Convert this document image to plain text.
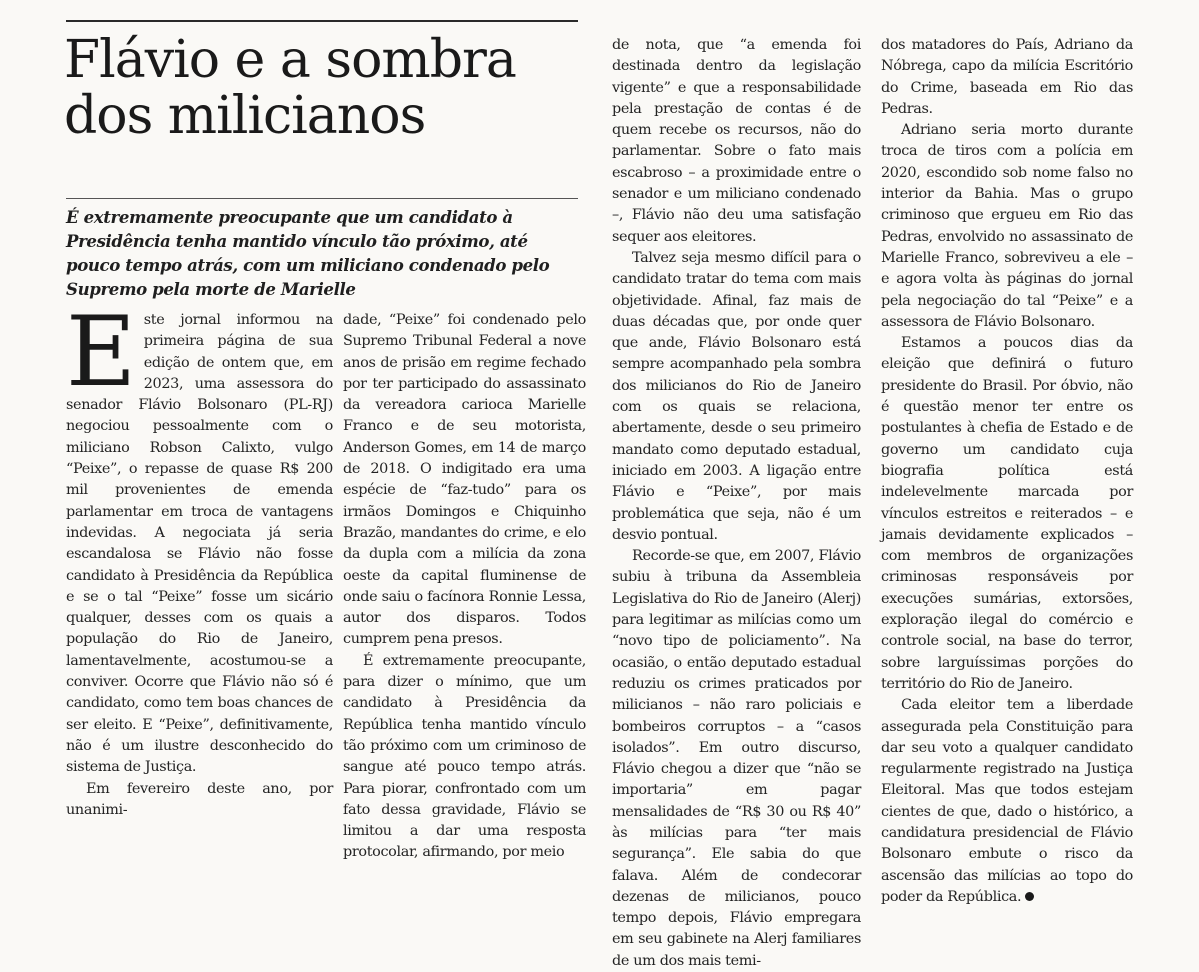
Flávio e a sombra
dos milicianos

É extremamente preocupante que um candidato à Presidência tenha mantido vínculo tão próximo, até pouco tempo atrás, com um miliciano condenado pelo Supremo pela morte de Marielle

Este jornal informou na primeira página de sua edição de ontem que, em 2023, uma assessora do senador Flávio Bolsonaro (PL-RJ) negociou pessoalmente com o miliciano Robson Calixto, vulgo “Peixe”, o repasse de quase R$ 200 mil provenientes de emenda parlamentar em troca de vantagens indevidas. A negociata já seria escandalosa se Flávio não fosse candidato à Presidência da República e se o tal “Peixe” fosse um sicário qualquer, desses com os quais a população do Rio de Janeiro, lamentavelmente, acostumou-se a conviver. Ocorre que Flávio não só é candidato, como tem boas chances de ser eleito. E “Peixe”, definitivamente, não é um ilustre desconhecido do sistema de Justiça.

Em fevereiro deste ano, por unanimi-

dade, “Peixe” foi condenado pelo Supremo Tribunal Federal a nove anos de prisão em regime fechado por ter participado do assassinato da vereadora carioca Marielle Franco e de seu motorista, Anderson Gomes, em 14 de março de 2018. O indigitado era uma espécie de “faz-tudo” para os irmãos Domingos e Chiquinho Brazão, mandantes do crime, e elo da dupla com a milícia da zona oeste da capital fluminense de onde saiu o facínora Ronnie Lessa, autor dos disparos. Todos cumprem pena presos.

É extremamente preocupante, para dizer o mínimo, que um candidato à Presidência da República tenha mantido vínculo tão próximo com um criminoso de sangue até pouco tempo atrás. Para piorar, confrontado com um fato dessa gravidade, Flávio se limitou a dar uma resposta protocolar, afirmando, por meio

de nota, que “a emenda foi destinada dentro da legislação vigente” e que a responsabilidade pela prestação de contas é de quem recebe os recursos, não do parlamentar. Sobre o fato mais escabroso – a proximidade entre o senador e um miliciano condenado –, Flávio não deu uma satisfação sequer aos eleitores.

Talvez seja mesmo difícil para o candidato tratar do tema com mais objetividade. Afinal, faz mais de duas décadas que, por onde quer que ande, Flávio Bolsonaro está sempre acompanhado pela sombra dos milicianos do Rio de Janeiro com os quais se relaciona, abertamente, desde o seu primeiro mandato como deputado estadual, iniciado em 2003. A ligação entre Flávio e “Peixe”, por mais problemática que seja, não é um desvio pontual.

Recorde-se que, em 2007, Flávio subiu à tribuna da Assembleia Legislativa do Rio de Janeiro (Alerj) para legitimar as milícias como um “novo tipo de policiamento”. Na ocasião, o então deputado estadual reduziu os crimes praticados por milicianos – não raro policiais e bombeiros corruptos – a “casos isolados”. Em outro discurso, Flávio chegou a dizer que “não se importaria” em pagar mensalidades de “R$ 30 ou R$ 40” às milícias para “ter mais segurança”. Ele sabia do que falava. Além de condecorar dezenas de milicianos, pouco tempo depois, Flávio empregara em seu gabinete na Alerj familiares de um dos mais temi-

dos matadores do País, Adriano da Nóbrega, capo da milícia Escritório do Crime, baseada em Rio das Pedras.

Adriano seria morto durante troca de tiros com a polícia em 2020, escondido sob nome falso no interior da Bahia. Mas o grupo criminoso que ergueu em Rio das Pedras, envolvido no assassinato de Marielle Franco, sobreviveu a ele – e agora volta às páginas do jornal pela negociação do tal “Peixe” e a assessora de Flávio Bolsonaro.

Estamos a poucos dias da eleição que definirá o futuro presidente do Brasil. Por óbvio, não é questão menor ter entre os postulantes à chefia de Estado e de governo um candidato cuja biografia política está indelevelmente marcada por vínculos estreitos e reiterados – e jamais devidamente explicados – com membros de organizações criminosas responsáveis por execuções sumárias, extorsões, exploração ilegal do comércio e controle social, na base do terror, sobre larguíssimas porções do território do Rio de Janeiro.

Cada eleitor tem a liberdade assegurada pela Constituição para dar seu voto a qualquer candidato regularmente registrado na Justiça Eleitoral. Mas que todos estejam cientes de que, dado o histórico, a candidatura presidencial de Flávio Bolsonaro embute o risco da ascensão das milícias ao topo do poder da República.
